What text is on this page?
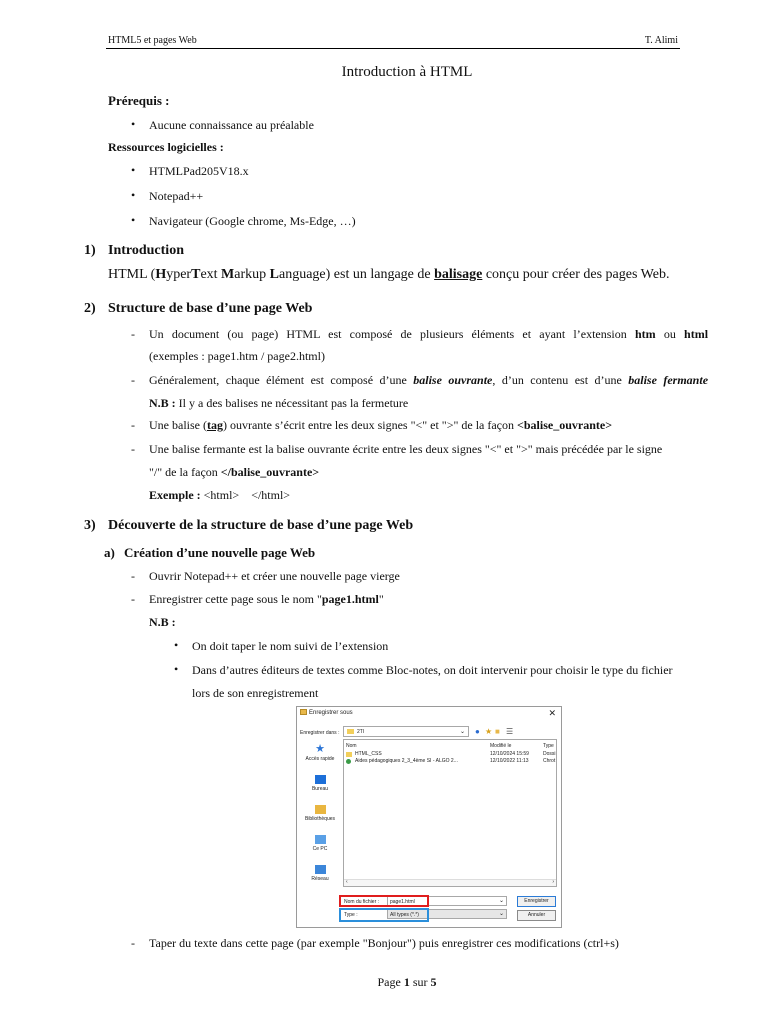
HTML5 et pages Web	T. Alimi
Introduction à HTML
Prérequis :
• Aucune connaissance au préalable
Ressources logicielles :
• HTMLPad205V18.x
• Notepad++
• Navigateur (Google chrome, Ms-Edge, …)
1) Introduction
HTML (HyperText Markup Language) est un langage de balisage conçu pour créer des pages Web.
2) Structure de base d’une page Web
- Un document (ou page) HTML est composé de plusieurs éléments et ayant l’extension htm ou html
(exemples : page1.htm / page2.html)
- Généralement, chaque élément est composé d’une balise ouvrante, d’un contenu est d’une balise fermante
N.B : Il y a des balises ne nécessitant pas la fermeture
- Une balise (tag) ouvrante s’écrit entre les deux signes "<" et ">" de la façon <balise_ouvrante>
- Une balise fermante est la balise ouvrante écrite entre les deux signes "<" et ">" mais précédée par le signe
"/" de la façon </balise_ouvrante>
Exemple : <html>    </html>
3) Découverte de la structure de base d’une page Web
a) Création d’une nouvelle page Web
- Ouvrir Notepad++ et créer une nouvelle page vierge
- Enregistrer cette page sous le nom "page1.html"
N.B :
• On doit taper le nom suivi de l’extension
• Dans d’autres éditeurs de textes comme Bloc-notes, on doit intervenir pour choisir le type du fichier
lors de son enregistrement
Enregistrer sous	✕
Enregistrer dans :	2TI	⌄ ● ★ ■ ☰
★
Accès rapide
Bureau
Bibliothèques
Ce PC
Réseau
Nom	Modifié le	Type
HTML_CSS	12/10/2024 15:59	Dossi
Aides pédagogiques 2_3_4ème SI - ALGO 2...	12/10/2022 11:13	Chrot
‹	›
Nom du fichier : page1.html	⌄
Type :	All types (*.*)	⌄
Enregistrer
Annuler
- Taper du texte dans cette page (par exemple "Bonjour") puis enregistrer ces modifications (ctrl+s)
Page 1 sur 5
